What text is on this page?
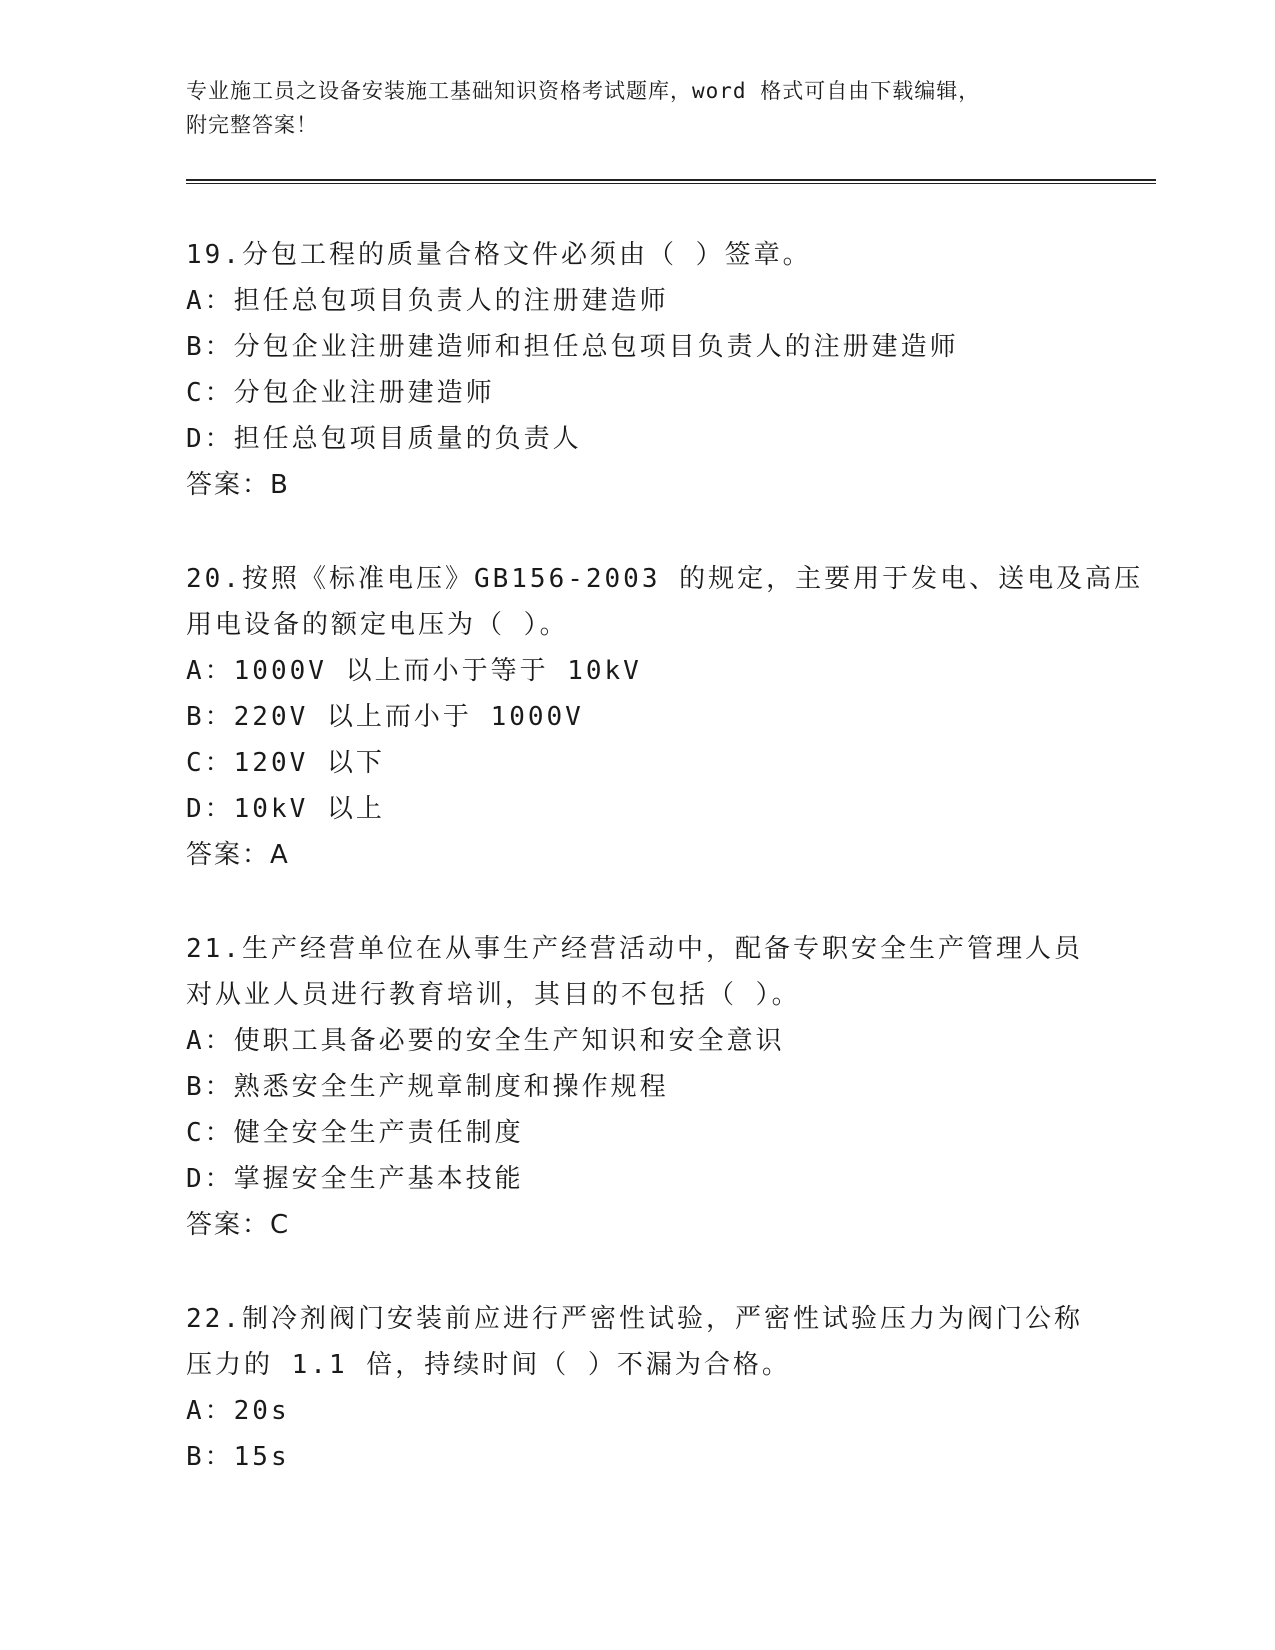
专业施工员之设备安装施工基础知识资格考试题库，word 格式可自由下载编辑，
附完整答案！
19.分包工程的质量合格文件必须由（ ）签章。
A：担任总包项目负责人的注册建造师
B：分包企业注册建造师和担任总包项目负责人的注册建造师
C：分包企业注册建造师
D：担任总包项目质量的负责人
答案：B
20.按照《标准电压》GB156-2003 的规定，主要用于发电、送电及高压
用电设备的额定电压为（ ）。
A：1000V 以上而小于等于 10kV
B：220V 以上而小于 1000V
C：120V 以下
D：10kV 以上
答案：A
21.生产经营单位在从事生产经营活动中，配备专职安全生产管理人员
对从业人员进行教育培训，其目的不包括（ ）。
A：使职工具备必要的安全生产知识和安全意识
B：熟悉安全生产规章制度和操作规程
C：健全安全生产责任制度
D：掌握安全生产基本技能
答案：C
22.制冷剂阀门安装前应进行严密性试验，严密性试验压力为阀门公称
压力的 1.1 倍，持续时间（ ）不漏为合格。
A：20s
B：15s
